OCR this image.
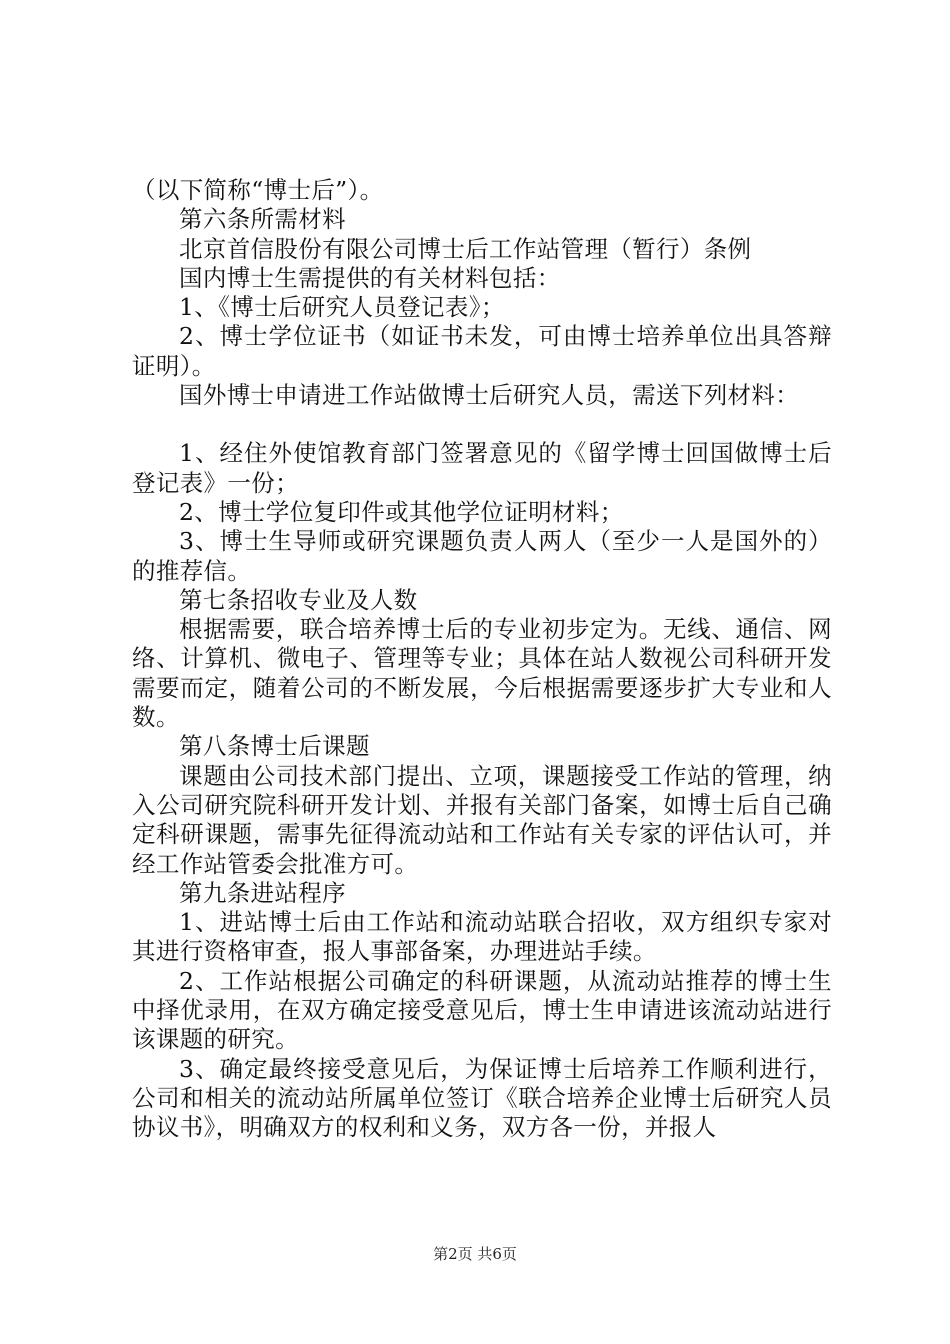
（以下简称“博士后”）。

第六条所需材料

北京首信股份有限公司博士后工作站管理（暂行）条例

国内博士生需提供的有关材料包括：

1、《博士后研究人员登记表》；

2、博士学位证书（如证书未发，可由博士培养单位出具答辩证明）。

国外博士申请进工作站做博士后研究人员，需送下列材料：

1、经住外使馆教育部门签署意见的《留学博士回国做博士后登记表》一份；

2、博士学位复印件或其他学位证明材料；

3、博士生导师或研究课题负责人两人（至少一人是国外的）的推荐信。

第七条招收专业及人数

根据需要，联合培养博士后的专业初步定为。无线、通信、网络、计算机、微电子、管理等专业；具体在站人数视公司科研开发需要而定，随着公司的不断发展，今后根据需要逐步扩大专业和人数。

第八条博士后课题

课题由公司技术部门提出、立项，课题接受工作站的管理，纳入公司研究院科研开发计划、并报有关部门备案，如博士后自己确定科研课题，需事先征得流动站和工作站有关专家的评估认可，并经工作站管委会批准方可。

第九条进站程序

1、进站博士后由工作站和流动站联合招收，双方组织专家对其进行资格审查，报人事部备案，办理进站手续。

2、工作站根据公司确定的科研课题，从流动站推荐的博士生中择优录用，在双方确定接受意见后，博士生申请进该流动站进行该课题的研究。

3、确定最终接受意见后，为保证博士后培养工作顺利进行，公司和相关的流动站所属单位签订《联合培养企业博士后研究人员协议书》，明确双方的权利和义务，双方各一份，并报人

第2页 共6页
